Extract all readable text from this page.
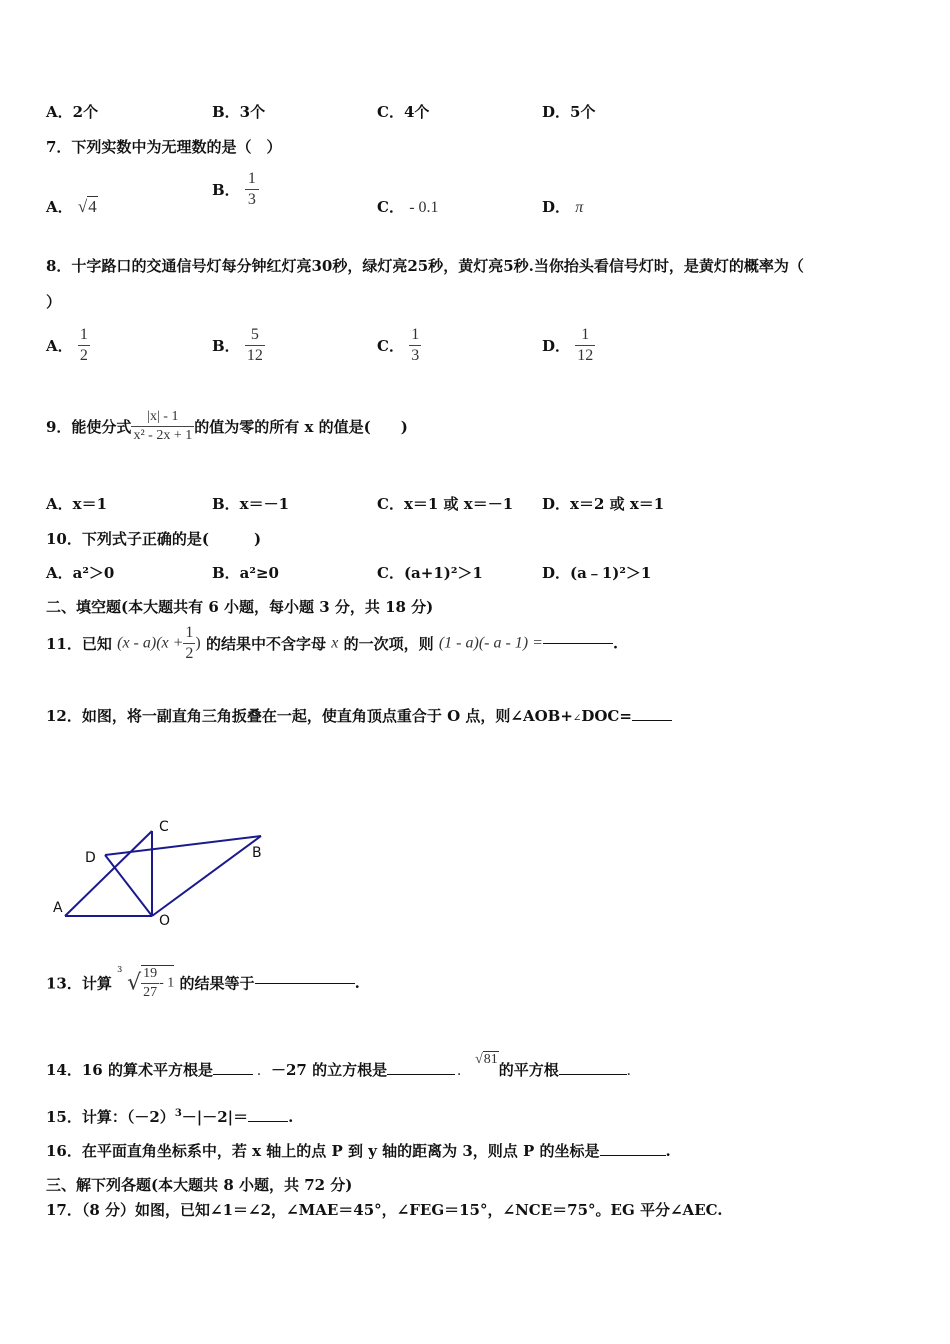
A．2个	B．3个	C．4个	D．5个
7．下列实数中为无理数的是（　）
A． √4
B． $\frac{1}{3}$	C． - 0.1	D． π
8．十字路口的交通信号灯每分钟红灯亮30秒，绿灯亮25秒，黄灯亮5秒.当你抬头看信号灯时，是黄灯的概率为（
）
A． $\frac{1}{2}$	B． $\frac{5}{12}$	C． $\frac{1}{3}$	D． $\frac{1}{12}$
9．能使分式 $\frac{|x| - 1}{\text{x² - 2x + 1}}$ 的值为零的所有 x 的值是(　　)
A．x＝1	B．x＝－1	C．x＝1 或 x＝－1 D．x＝2 或 x＝1
10．下列式子正确的是(　　　)
A．a²＞0	B．a²≥0	C．(a+1)²＞1	D．(a﹣1)²＞1
二、填空题(本大题共有 6 小题，每小题 3 分，共 18 分)
11．已知 $(x - a)(x + \frac{1}{2}$ ) 的结果中不含字母 x 的一次项，则 (1 - a)(- a - 1) =	.
12．如图，将一副直角三角扳叠在一起，使直角顶点重合于 O 点，则∠AOB+∠DOC=
A
C
D	B
O
13．计算
3
√ $\frac{19}{27} - 1$ 的结果等于	.
14．16 的算术平方根是	. －27 的立方根是	.√81的平方根	.
15．计算：$(-2)^3-|-2|=$	.
16．在平面直角坐标系中，若 x 轴上的点 P 到 y 轴的距离为 3，则点 P 的坐标是	.
三、解下列各题(本大题共 8 小题，共 72 分)
17．（8 分）如图，已知∠1＝∠2，∠MAE＝45°，∠FEG＝15°，∠NCE＝75°。EG 平分∠AEC.
